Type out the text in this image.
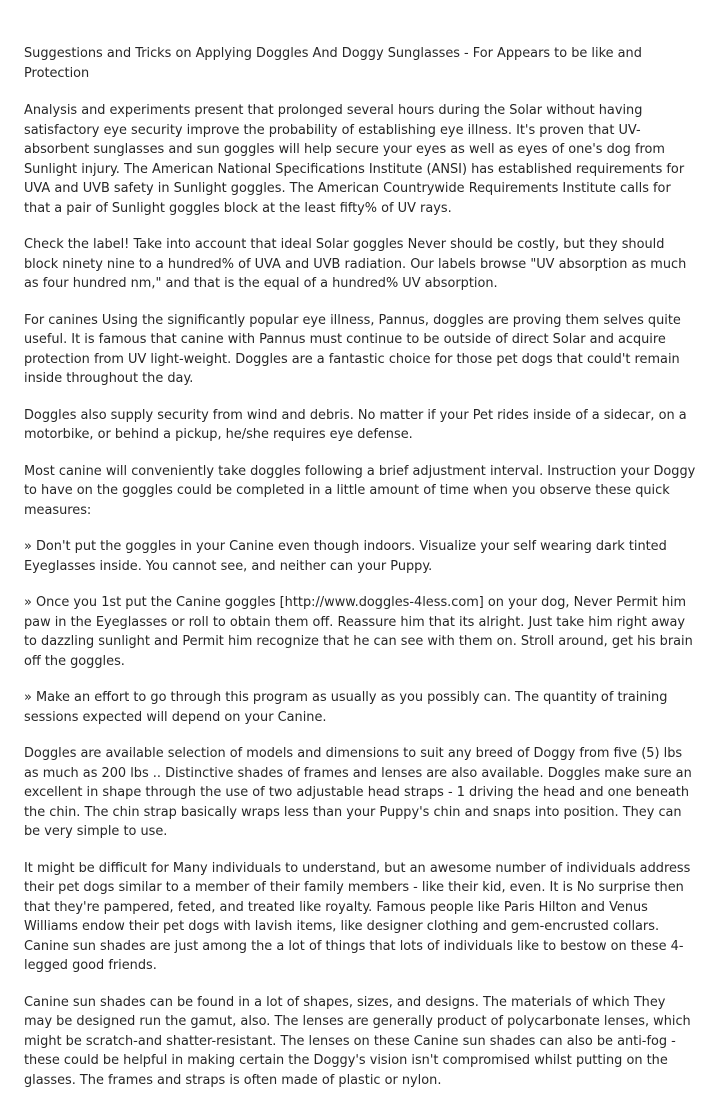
Suggestions and Tricks on Applying Doggles And Doggy Sunglasses - For Appears to be like and Protection

Analysis and experiments present that prolonged several hours during the Solar without having satisfactory eye security improve the probability of establishing eye illness. It's proven that UV-absorbent sunglasses and sun goggles will help secure your eyes as well as eyes of one's dog from Sunlight injury. The American National Specifications Institute (ANSI) has established requirements for UVA and UVB safety in Sunlight goggles. The American Countrywide Requirements Institute calls for that a pair of Sunlight goggles block at the least fifty% of UV rays.

Check the label! Take into account that ideal Solar goggles Never should be costly, but they should block ninety nine to a hundred% of UVA and UVB radiation. Our labels browse "UV absorption as much as four hundred nm," and that is the equal of a hundred% UV absorption.

For canines Using the significantly popular eye illness, Pannus, doggles are proving them selves quite useful. It is famous that canine with Pannus must continue to be outside of direct Solar and acquire protection from UV light-weight. Doggles are a fantastic choice for those pet dogs that could't remain inside throughout the day.

Doggles also supply security from wind and debris. No matter if your Pet rides inside of a sidecar, on a motorbike, or behind a pickup, he/she requires eye defense.

Most canine will conveniently take doggles following a brief adjustment interval. Instruction your Doggy to have on the goggles could be completed in a little amount of time when you observe these quick measures:

» Don't put the goggles in your Canine even though indoors. Visualize your self wearing dark tinted Eyeglasses inside. You cannot see, and neither can your Puppy.

» Once you 1st put the Canine goggles [http://www.doggles-4less.com] on your dog, Never Permit him paw in the Eyeglasses or roll to obtain them off. Reassure him that its alright. Just take him right away to dazzling sunlight and Permit him recognize that he can see with them on. Stroll around, get his brain off the goggles.

» Make an effort to go through this program as usually as you possibly can. The quantity of training sessions expected will depend on your Canine.

Doggles are available selection of models and dimensions to suit any breed of Doggy from five (5) lbs as much as 200 lbs .. Distinctive shades of frames and lenses are also available. Doggles make sure an excellent in shape through the use of two adjustable head straps - 1 driving the head and one beneath the chin. The chin strap basically wraps less than your Puppy's chin and snaps into position. They can be very simple to use.

It might be difficult for Many individuals to understand, but an awesome number of individuals address their pet dogs similar to a member of their family members - like their kid, even. It is No surprise then that they're pampered, feted, and treated like royalty. Famous people like Paris Hilton and Venus Williams endow their pet dogs with lavish items, like designer clothing and gem-encrusted collars. Canine sun shades are just among the a lot of things that lots of individuals like to bestow on these 4-legged good friends.

Canine sun shades can be found in a lot of shapes, sizes, and designs. The materials of which They may be designed run the gamut, also. The lenses are generally product of polycarbonate lenses, which might be scratch-and shatter-resistant. The lenses on these Canine sun shades can also be anti-fog - these could be helpful in making certain the Doggy's vision isn't compromised whilst putting on the glasses. The frames and straps is often made of plastic or nylon.
